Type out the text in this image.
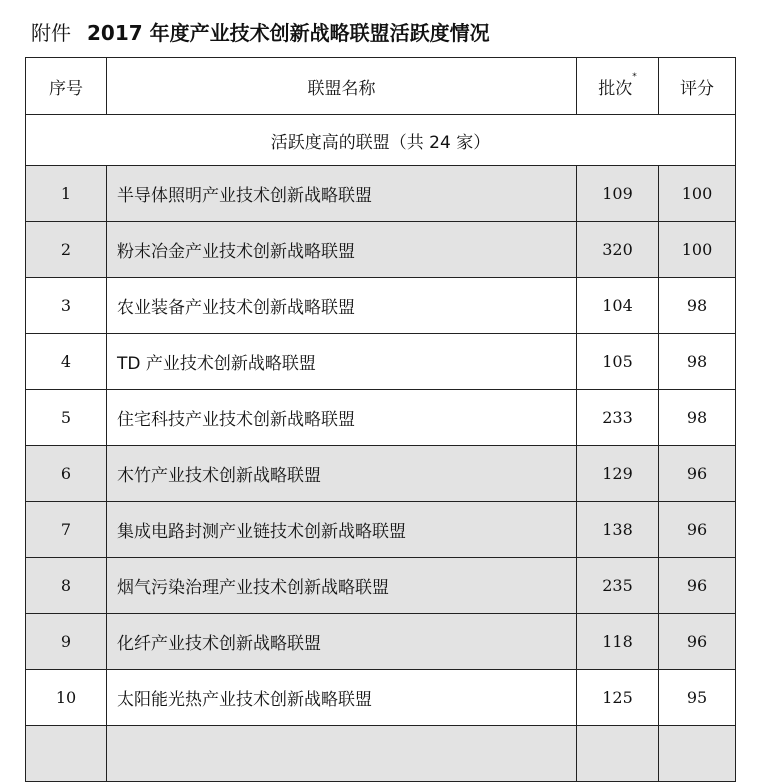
附件 2017 年度产业技术创新战略联盟活跃度情况
序号	联盟名称	批次*	评分
活跃度高的联盟（共 24 家）			
1	半导体照明产业技术创新战略联盟	109	100
2	粉末冶金产业技术创新战略联盟	320	100
3	农业装备产业技术创新战略联盟	104	98
4	TD 产业技术创新战略联盟	105	98
5	住宅科技产业技术创新战略联盟	233	98
6	木竹产业技术创新战略联盟	129	96
7	集成电路封测产业链技术创新战略联盟	138	96
8	烟气污染治理产业技术创新战略联盟	235	96
9	化纤产业技术创新战略联盟	118	96
10	太阳能光热产业技术创新战略联盟	125	95
